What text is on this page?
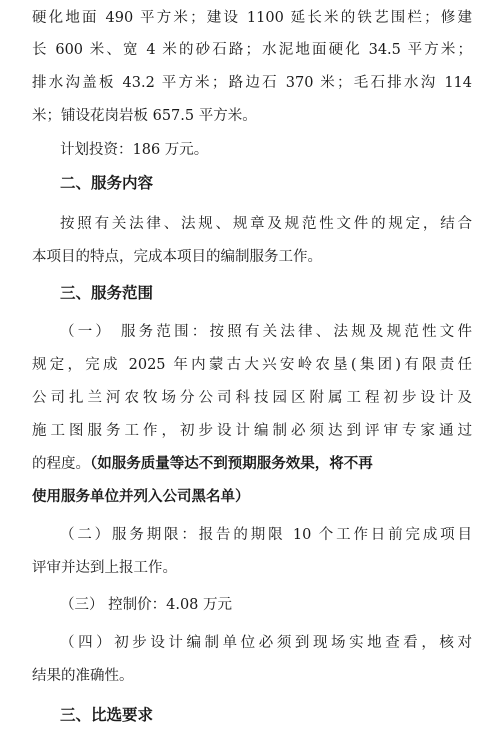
硬化地面 490 平方米；建设 1100 延长米的铁艺围栏；修建
长 600 米、宽 4 米的砂石路；水泥地面硬化 34.5 平方米；
排水沟盖板 43.2 平方米；路边石 370 米；毛石排水沟 114
米；铺设花岗岩板 657.5 平方米。
计划投资：186 万元。
二、服务内容
按照有关法律、法规、规章及规范性文件的规定，结合
本项目的特点，完成本项目的编制服务工作。
三、服务范围
（一） 服务范围：按照有关法律、法规及规范性文件
规定，完成 2025 年内蒙古大兴安岭农垦(集团)有限责任
公司扎兰河农牧场分公司科技园区附属工程初步设计及
施工图服务工作，初步设计编制必须达到评审专家通过
的程度。（如服务质量等达不到预期服务效果，将不再
使用服务单位并列入公司黑名单）
（二）服务期限：报告的期限 10 个工作日前完成项目
评审并达到上报工作。
（三） 控制价：4.08 万元
（四）初步设计编制单位必须到现场实地查看，核对
结果的准确性。
三、比选要求
